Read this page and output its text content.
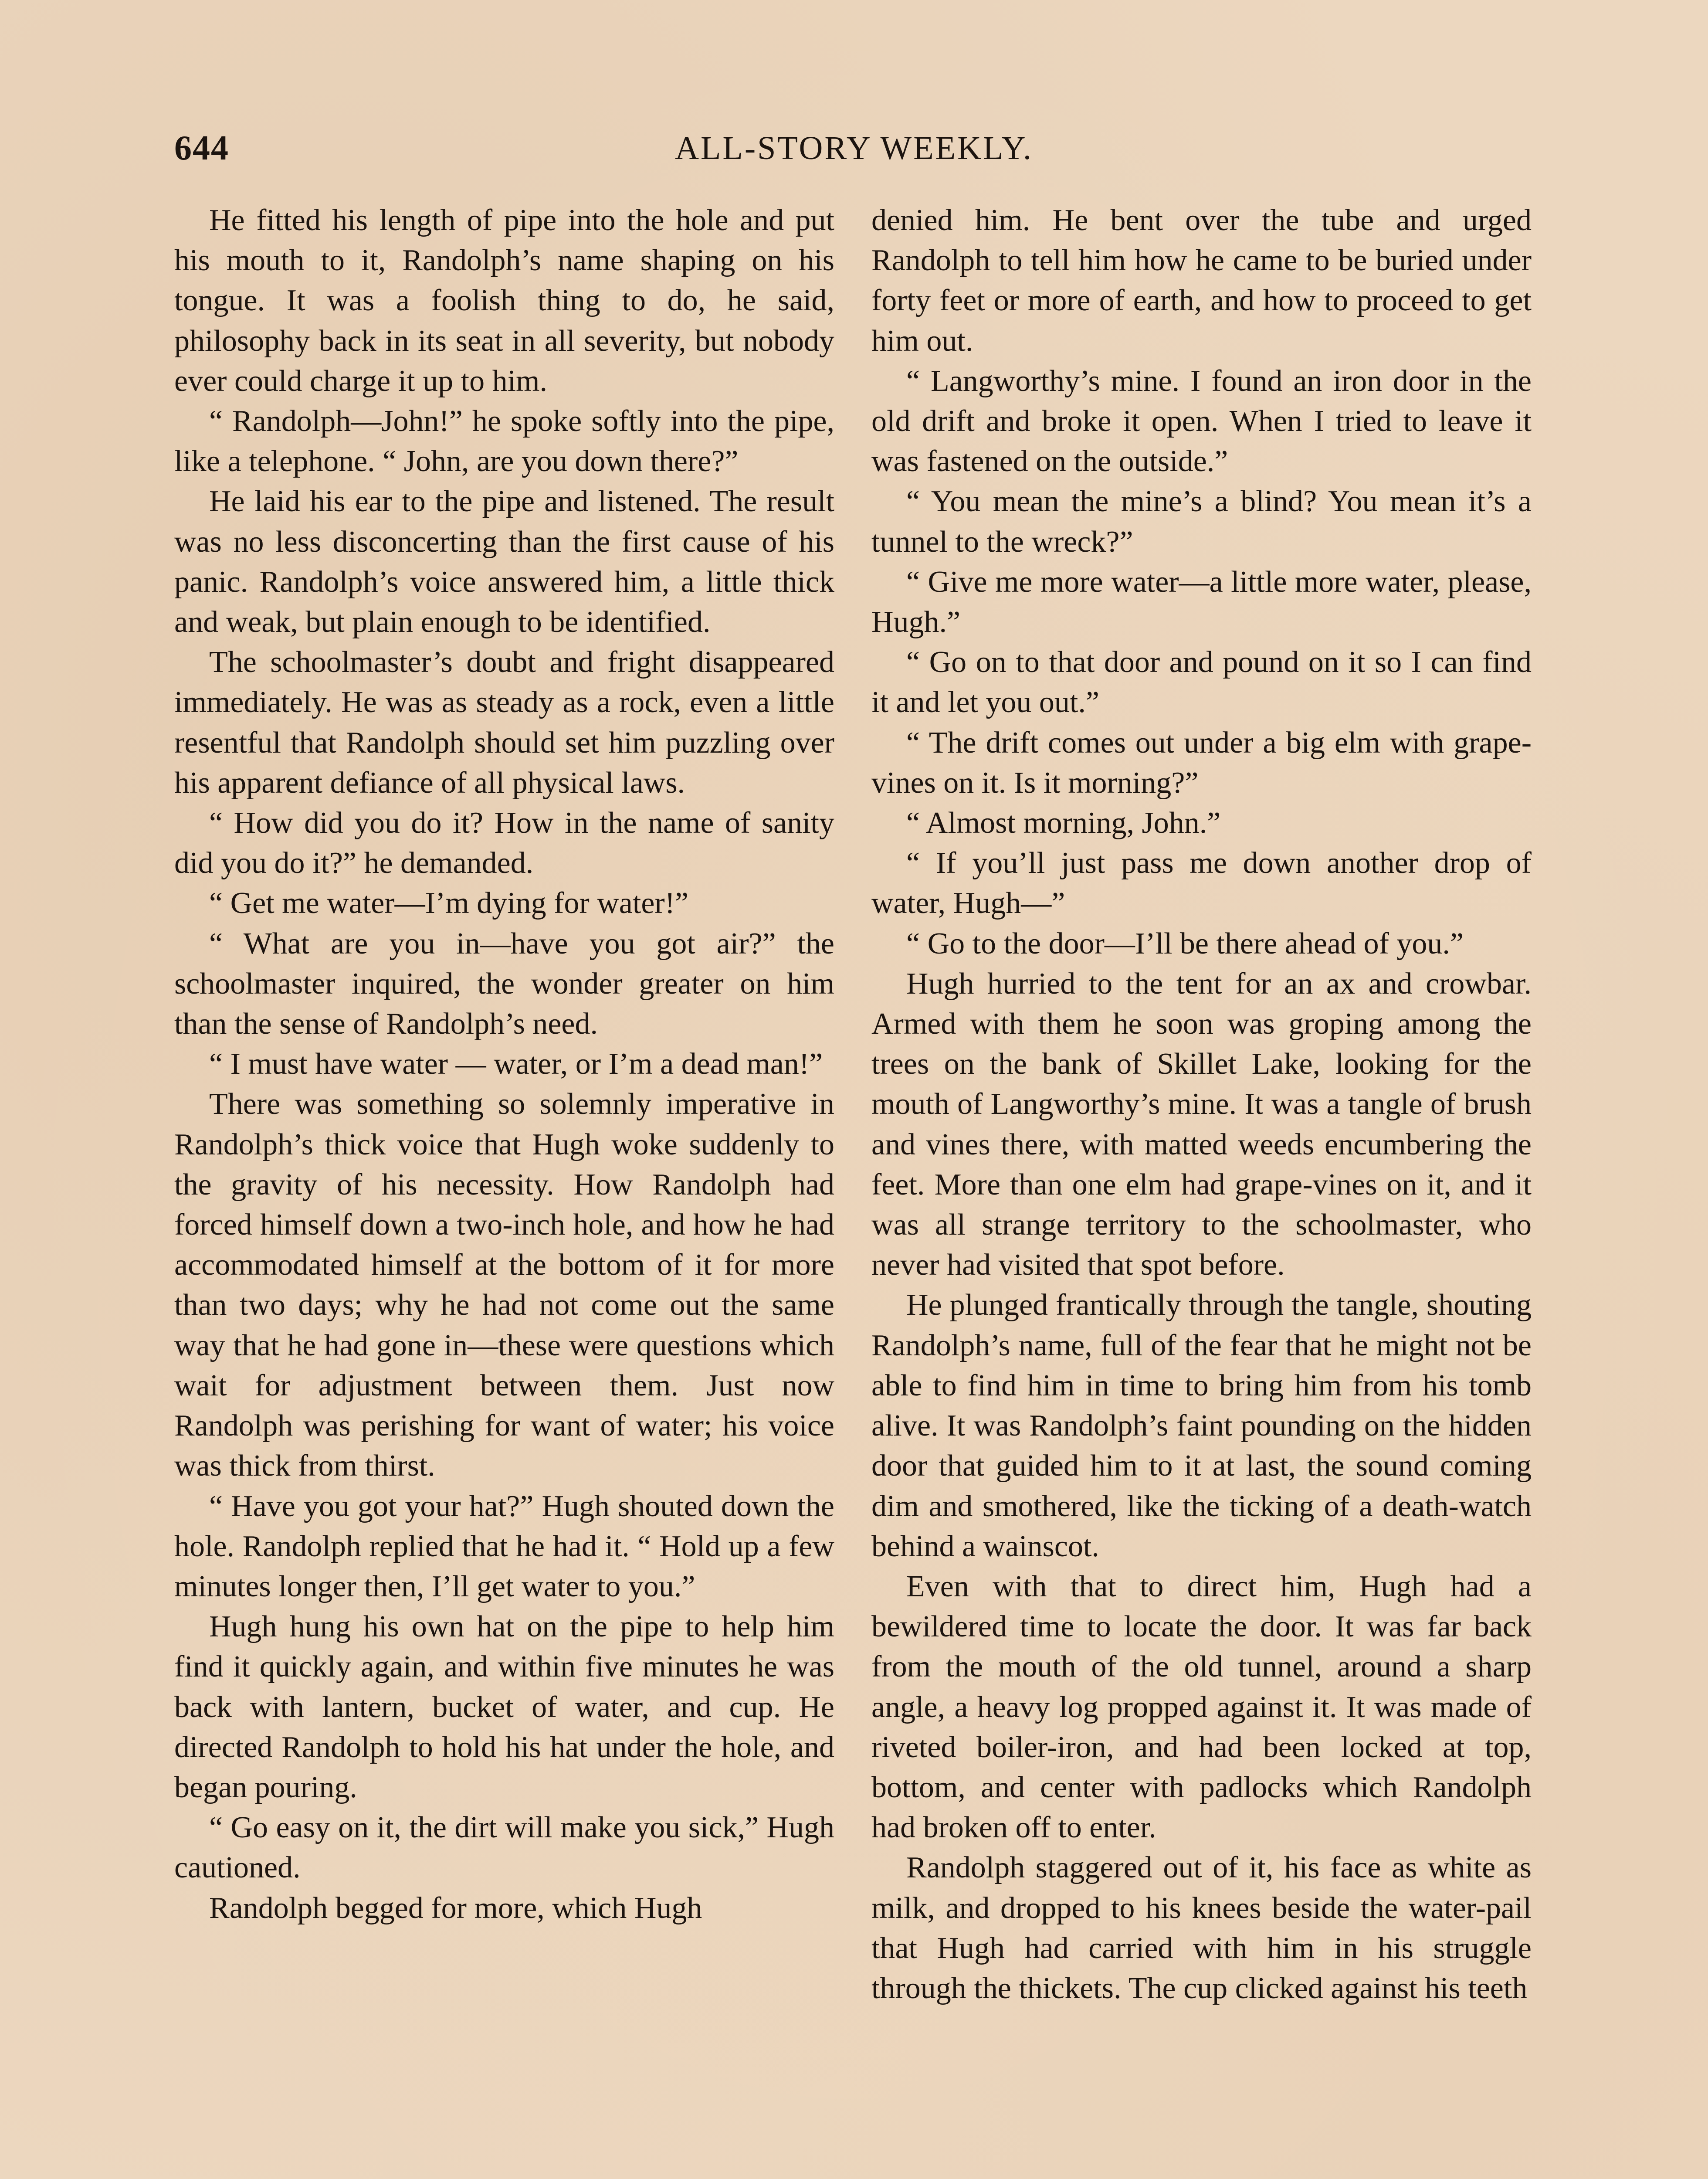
644	ALL-STORY WEEKLY.

He fitted his length of pipe into the hole and put his mouth to it, Randolph’s name shaping on his tongue. It was a foolish thing to do, he said, philosophy back in its seat in all severity, but nobody ever could charge it up to him.

“ Randolph—John!” he spoke softly into the pipe, like a telephone. “ John, are you down there?”

He laid his ear to the pipe and listened. The result was no less disconcerting than the first cause of his panic. Randolph’s voice answered him, a little thick and weak, but plain enough to be identified.

The schoolmaster’s doubt and fright disappeared immediately. He was as steady as a rock, even a little resentful that Randolph should set him puzzling over his apparent defiance of all physical laws.

“ How did you do it? How in the name of sanity did you do it?” he demanded.

“ Get me water—I’m dying for water!”

“ What are you in—have you got air?” the schoolmaster inquired, the wonder greater on him than the sense of Randolph’s need.

“ I must have water — water, or I’m a dead man!”

There was something so solemnly imperative in Randolph’s thick voice that Hugh woke suddenly to the gravity of his necessity. How Randolph had forced himself down a two-inch hole, and how he had accommodated himself at the bottom of it for more than two days; why he had not come out the same way that he had gone in—these were questions which wait for adjustment between them. Just now Randolph was perishing for want of water; his voice was thick from thirst.

“ Have you got your hat?” Hugh shouted down the hole. Randolph replied that he had it. “ Hold up a few minutes longer then, I’ll get water to you.”

Hugh hung his own hat on the pipe to help him find it quickly again, and within five minutes he was back with lantern, bucket of water, and cup. He directed Randolph to hold his hat under the hole, and began pouring.

“ Go easy on it, the dirt will make you sick,” Hugh cautioned.

Randolph begged for more, which Hugh

denied him. He bent over the tube and urged Randolph to tell him how he came to be buried under forty feet or more of earth, and how to proceed to get him out.

“ Langworthy’s mine. I found an iron door in the old drift and broke it open. When I tried to leave it was fastened on the outside.”

“ You mean the mine’s a blind? You mean it’s a tunnel to the wreck?”

“ Give me more water—a little more water, please, Hugh.”

“ Go on to that door and pound on it so I can find it and let you out.”

“ The drift comes out under a big elm with grape-vines on it. Is it morning?”

“ Almost morning, John.”

“ If you’ll just pass me down another drop of water, Hugh—”

“ Go to the door—I’ll be there ahead of you.”

Hugh hurried to the tent for an ax and crowbar. Armed with them he soon was groping among the trees on the bank of Skillet Lake, looking for the mouth of Langworthy’s mine. It was a tangle of brush and vines there, with matted weeds encumbering the feet. More than one elm had grape-vines on it, and it was all strange territory to the schoolmaster, who never had visited that spot before.

He plunged frantically through the tangle, shouting Randolph’s name, full of the fear that he might not be able to find him in time to bring him from his tomb alive. It was Randolph’s faint pounding on the hidden door that guided him to it at last, the sound coming dim and smothered, like the ticking of a death-watch behind a wainscot.

Even with that to direct him, Hugh had a bewildered time to locate the door. It was far back from the mouth of the old tunnel, around a sharp angle, a heavy log propped against it. It was made of riveted boiler-iron, and had been locked at top, bottom, and center with padlocks which Randolph had broken off to enter.

Randolph staggered out of it, his face as white as milk, and dropped to his knees beside the water-pail that Hugh had carried with him in his struggle through the thickets. The cup clicked against his teeth
